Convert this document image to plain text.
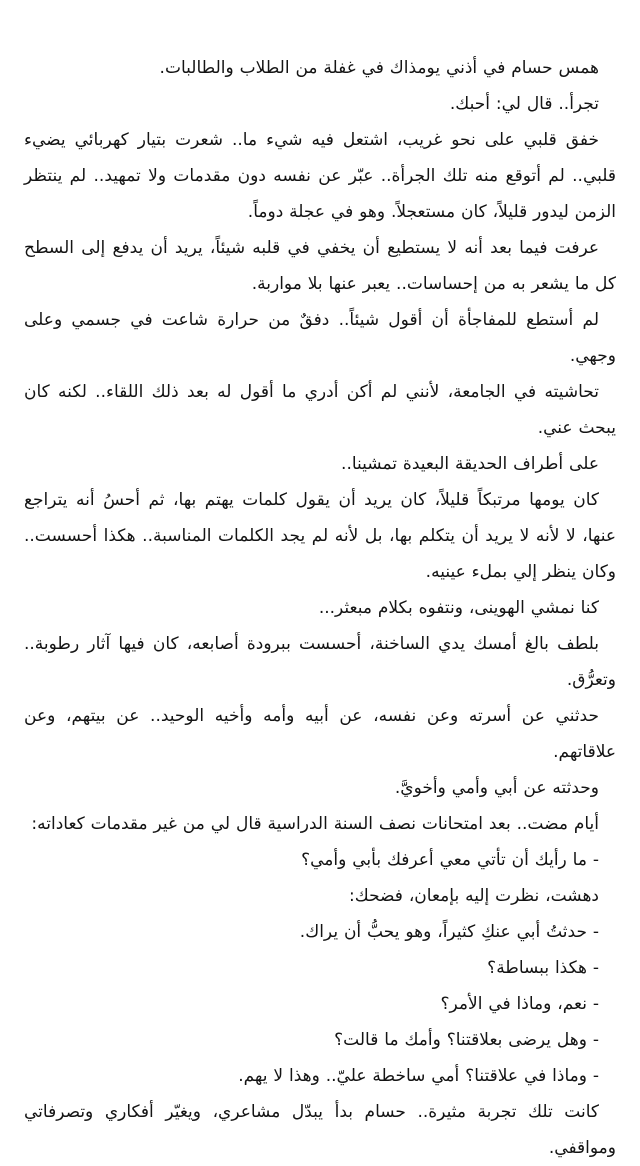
همس حسام في أذني يومذاك في غفلة من الطلاب والطالبات.

تجرأ.. قال لي: أحبك.

خفق قلبي على نحو غريب، اشتعل فيه شيء ما.. شعرت بتيار كهربائي يضيء قلبي.. لم أتوقع منه تلك الجرأة.. عبّر عن نفسه دون مقدمات ولا تمهيد.. لم ينتظر الزمن ليدور قليلاً، كان مستعجلاً. وهو في عجلة دوماً.

عرفت فيما بعد أنه لا يستطيع أن يخفي في قلبه شيئاً، يريد أن يدفع إلى السطح كل ما يشعر به من إحساسات.. يعبر عنها بلا مواربة.

لم أستطع للمفاجأة أن أقول شيئاً.. دفقٌ من حرارة شاعت في جسمي وعلى وجهي.

تحاشيته في الجامعة، لأنني لم أكن أدري ما أقول له بعد ذلك اللقاء.. لكنه كان يبحث عني.

على أطراف الحديقة البعيدة تمشينا..

كان يومها مرتبكاً قليلاً، كان يريد أن يقول كلمات يهتم بها، ثم أحسُ أنه يتراجع عنها، لا لأنه لا يريد أن يتكلم بها، بل لأنه لم يجد الكلمات المناسبة.. هكذا أحسست.. وكان ينظر إلي بملء عينيه.

كنا نمشي الهوينى، ونتفوه بكلام مبعثر...

بلطف بالغ أمسك يدي الساخنة، أحسست ببرودة أصابعه، كان فيها آثار رطوبة.. وتعرُّق.

حدثني عن أسرته وعن نفسه، عن أبيه وأمه وأخيه الوحيد.. عن بيتهم، وعن علاقاتهم.

وحدثته عن أبي وأمي وأخويَّ.

أيام مضت.. بعد امتحانات نصف السنة الدراسية قال لي من غير مقدمات كعاداته:

- ما رأيك أن تأتي معي أعرفك بأبي وأمي؟

دهشت، نظرت إليه بإمعان، فضحك:

- حدثتُ أبي عنكِ كثيراً، وهو يحبُّ أن يراك.

- هكذا ببساطة؟

- نعم، وماذا في الأمر؟

- وهل يرضى بعلاقتنا؟ وأمك ما قالت؟

- وماذا في علاقتنا؟ أمي ساخطة عليّ.. وهذا لا يهم.

كانت تلك تجربة مثيرة.. حسام بدأ يبدّل مشاعري، ويغيّر أفكاري وتصرفاتي ومواقفي.
